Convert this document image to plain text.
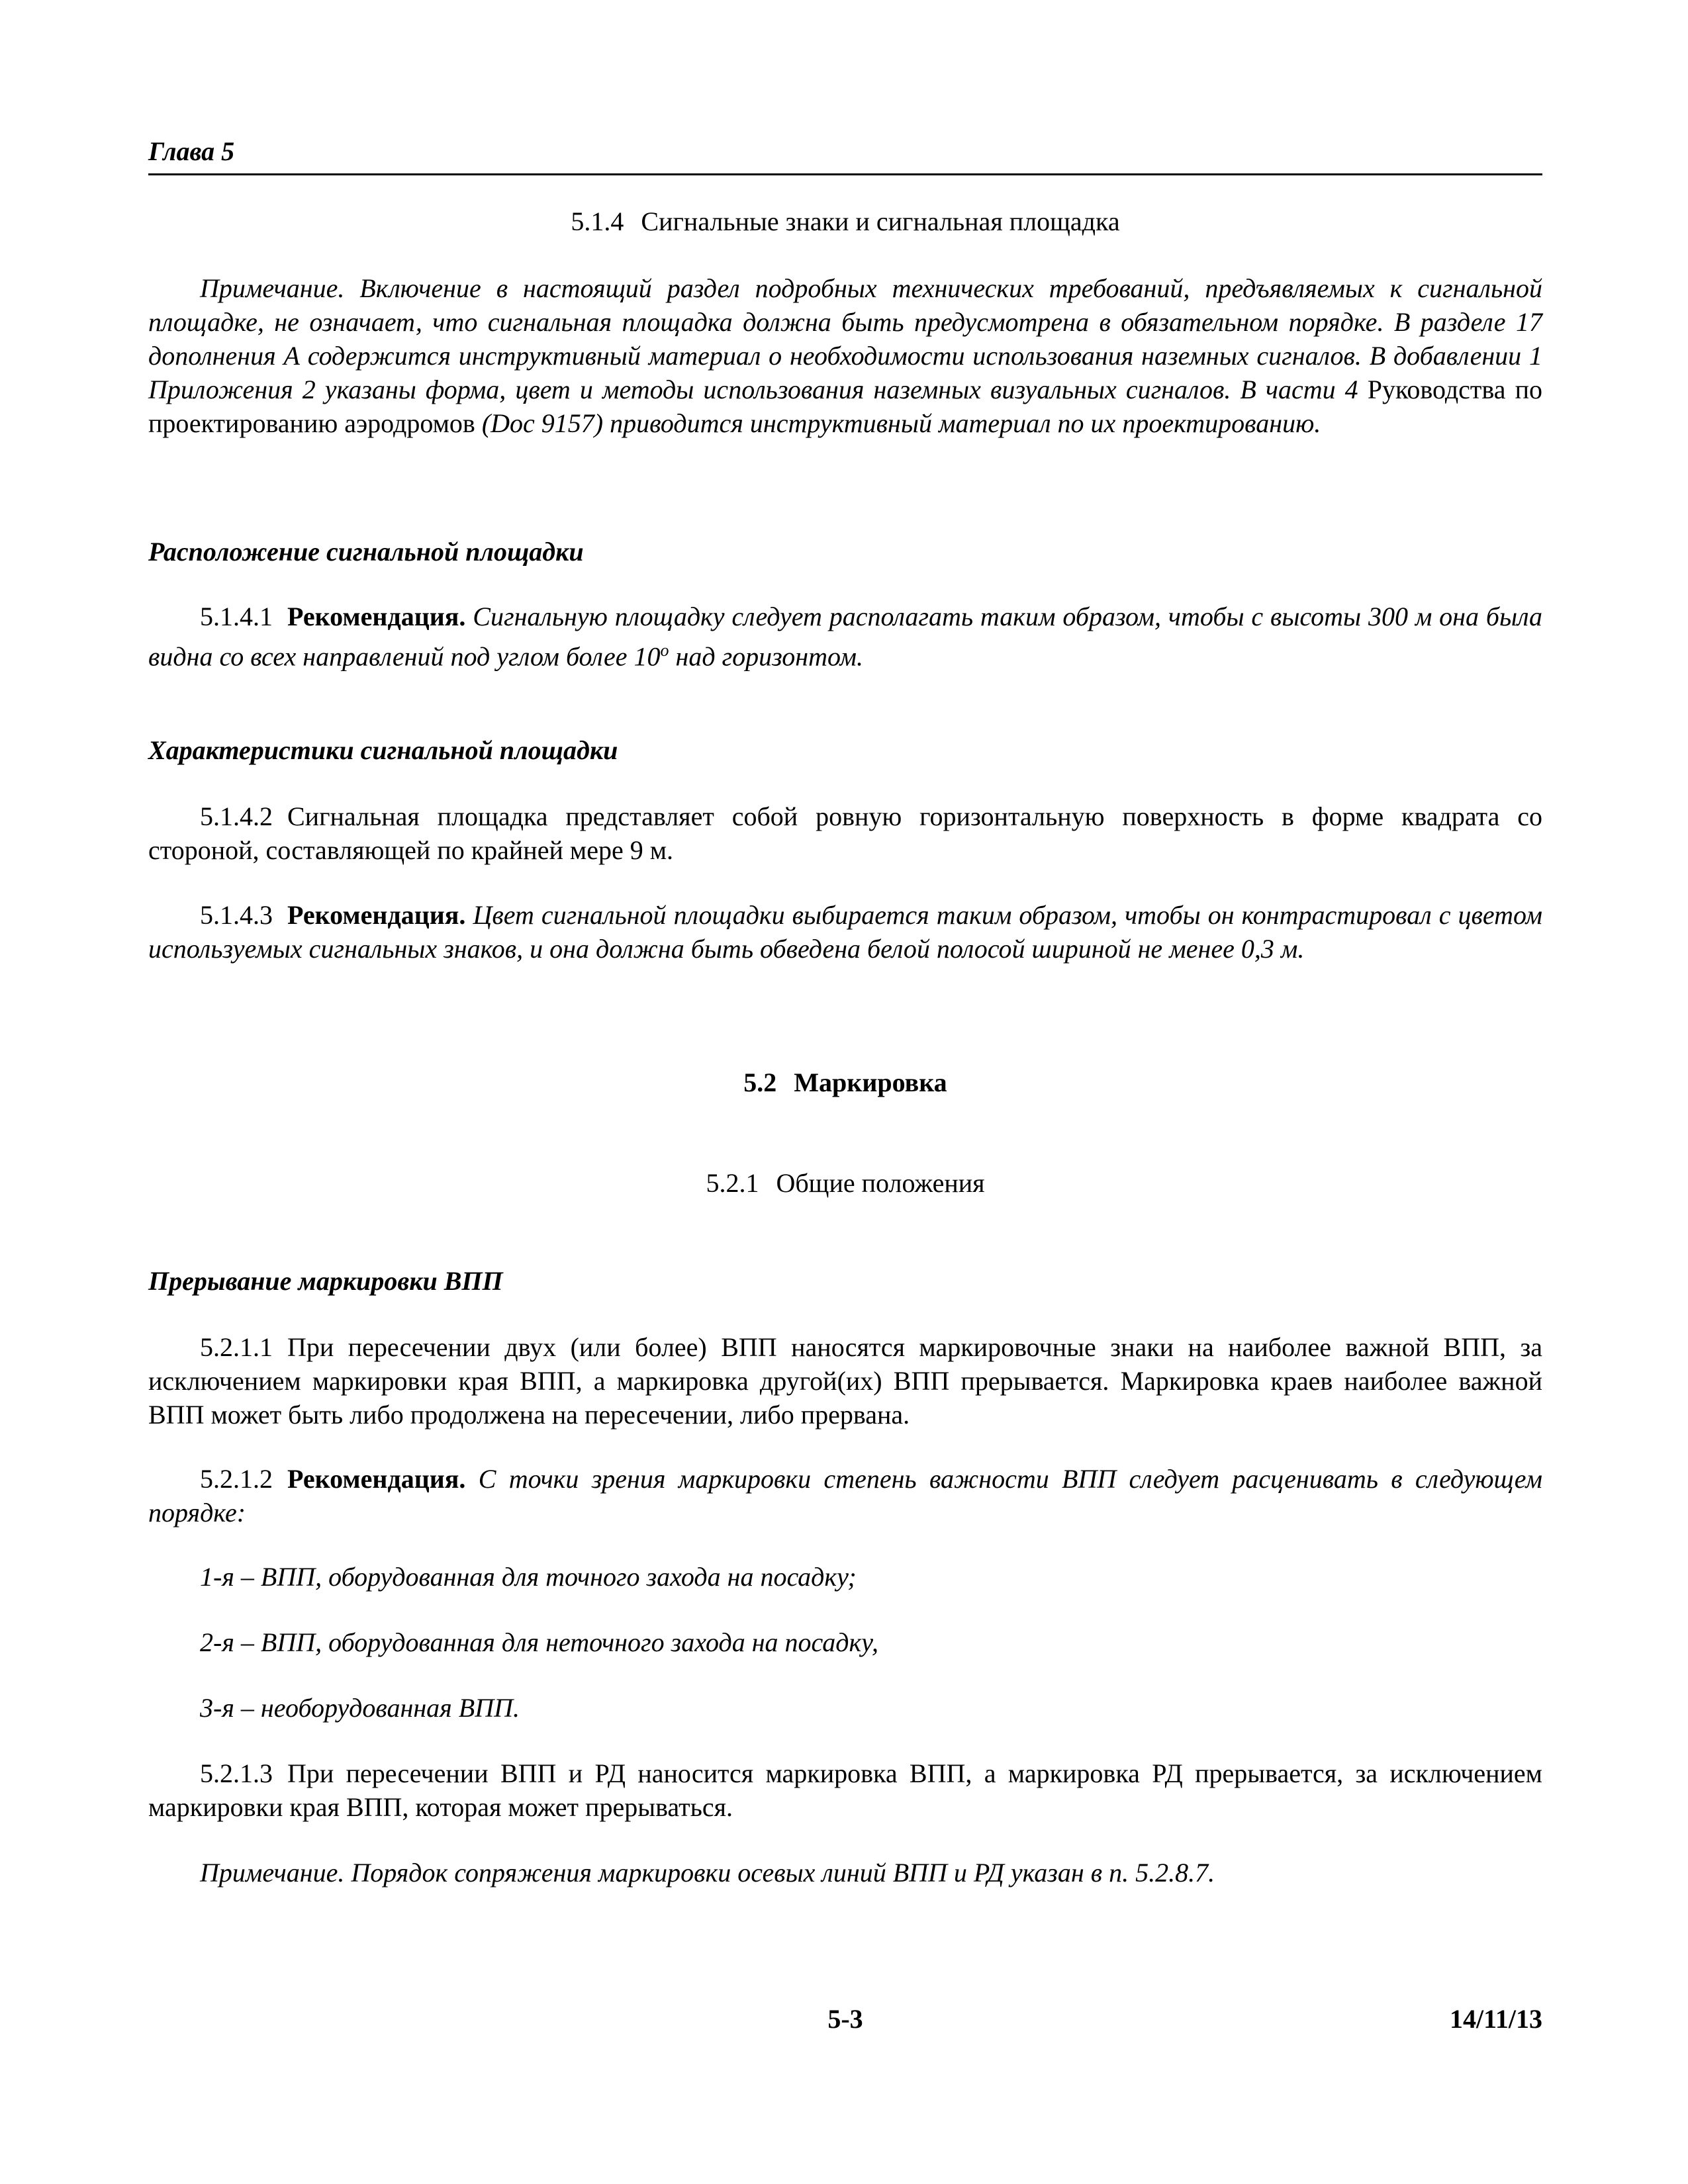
Глава 5
5.1.4 Сигнальные знаки и сигнальная площадка
Примечание. Включение в настоящий раздел подробных технических требований, предъявляемых к сигнальной площадке, не означает, что сигнальная площадка должна быть предусмотрена в обязательном порядке. В разделе 17 дополнения А содержится инструктивный материал о необходимости использования наземных сигналов. В добавлении 1 Приложения 2 указаны форма, цвет и методы использования наземных визуальных сигналов. В части 4 Руководства по проектированию аэродромов (Doc 9157) приводится инструктивный материал по их проектированию.
Расположение сигнальной площадки
5.1.4.1 Рекомендация. Сигнальную площадку следует располагать таким образом, чтобы с высоты 300 м она была видна со всех направлений под углом более $10^о$ над горизонтом.
Характеристики сигнальной площадки
5.1.4.2 Сигнальная площадка представляет собой ровную горизонтальную поверхность в форме квадрата со стороной, составляющей по крайней мере 9 м.
5.1.4.3 Рекомендация. Цвет сигнальной площадки выбирается таким образом, чтобы он контрастировал с цветом используемых сигнальных знаков, и она должна быть обведена белой полосой шириной не менее 0,3 м.
5.2 Маркировка
5.2.1 Общие положения
Прерывание маркировки ВПП
5.2.1.1 При пересечении двух (или более) ВПП наносятся маркировочные знаки на наиболее важной ВПП, за исключением маркировки края ВПП, а маркировка другой(их) ВПП прерывается. Маркировка краев наиболее важной ВПП может быть либо продолжена на пересечении, либо прервана.
5.2.1.2 Рекомендация. С точки зрения маркировки степень важности ВПП следует расценивать в следующем порядке:
1-я – ВПП, оборудованная для точного захода на посадку;
2-я – ВПП, оборудованная для неточного захода на посадку,
3-я – необорудованная ВПП.
5.2.1.3 При пересечении ВПП и РД наносится маркировка ВПП, а маркировка РД прерывается, за исключением маркировки края ВПП, которая может прерываться.
Примечание. Порядок сопряжения маркировки осевых линий ВПП и РД указан в п. 5.2.8.7.
5-3	14/11/13
